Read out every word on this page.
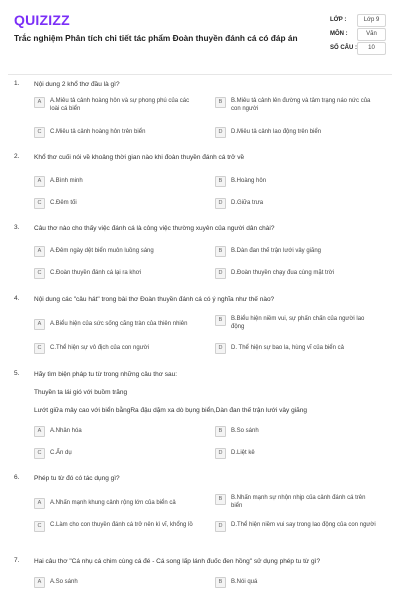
QUIZIZZ
Trắc nghiệm Phân tích chi tiết tác phẩm Đoàn thuyền đánh cá có đáp án
LỚP :	Lớp 9
MÔN :	Văn
SỐ CÂU :	10
1. Nội dung 2 khổ thơ đầu là gì?
A	A.Miêu tả cảnh hoàng hôn và sự phong phú của các loài cá biển
B	B.Miêu tả cảnh lên đường và tâm trạng náo nức của con người
C	C.Miêu tả cảnh hoàng hôn trên biển	D	D.Miêu tả cảnh lao động trên biển
2. Khổ thơ cuối nói về khoảng thời gian nào khi đoàn thuyền đánh cá trở về
A	A.Bình minh	B	B.Hoàng hôn
C	C.Đêm tối	D	D.Giữa trưa
3. Câu thơ nào cho thấy việc đánh cá là công việc thường xuyên của người dân chài?
A	A.Đêm ngày dệt biển muôn luồng sáng	B	B.Dàn đan thế trận lưới vây giăng
C	C.Đoàn thuyền đánh cá lại ra khơi	D	D.Đoàn thuyền chạy đua cùng mặt trời
4. Nội dung các "câu hát" trong bài thơ Đoàn thuyền đánh cá có ý nghĩa như thế nào?
A	A.Biểu hiện của sức sống căng tràn của thiên nhiên
B	B.Biểu hiện niềm vui, sự phấn chấn của người lao động
C	C.Thể hiện sự vô địch của con người	D	D. Thể hiện sự bao la, hùng vĩ của biển cả
5. Hãy tìm biện pháp tu từ trong những câu thơ sau:
Thuyền ta lái gió với buồm trăng
Lướt giữa mây cao với biển bằngRa đậu dặm xa dò bụng biển,Dàn đan thế trận lưới vây giăng
A	A.Nhân hóa	B	B.So sánh
C	C.Ẩn dụ	D	D.Liệt kê
6. Phép tu từ đó có tác dụng gì?
A	A.Nhấn mạnh khung cảnh rộng lớn của biển cả
B	B.Nhấn mạnh sự nhộn nhịp của cảnh đánh cá trên biển
C	C.Làm cho con thuyền đánh cá trở nên kì vĩ, khổng lồ	D	D.Thể hiện niềm vui say trong lao động của con người
7. Hai câu thơ "Cá nhụ cá chim cùng cá đé - Cá song lấp lánh đuốc đen hồng" sử dụng phép tu từ gì?
A	A.So sánh	B	B.Nói quá
